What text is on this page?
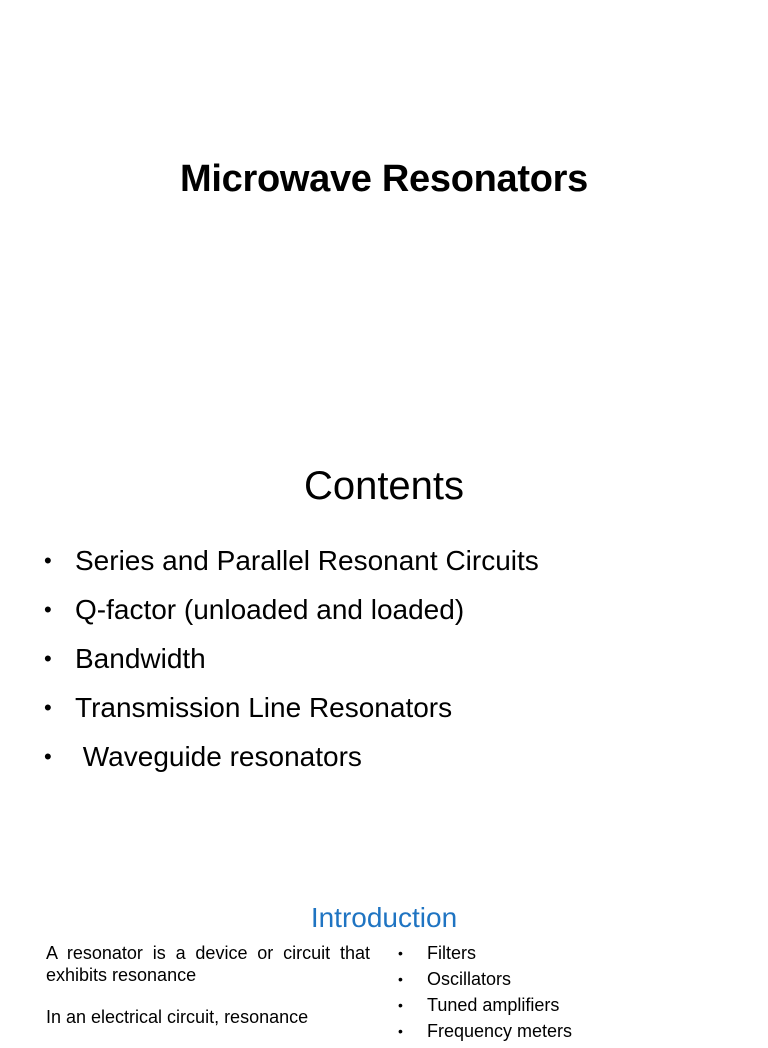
Microwave Resonators
Contents
• Series and Parallel Resonant Circuits
• Q-factor (unloaded and loaded)
• Bandwidth
• Transmission Line Resonators
• Waveguide resonators
Introduction

A resonator is a device or circuit that exhibits resonance

In an electrical circuit, resonance

• Filters
• Oscillators
• Tuned amplifiers
• Frequency meters
